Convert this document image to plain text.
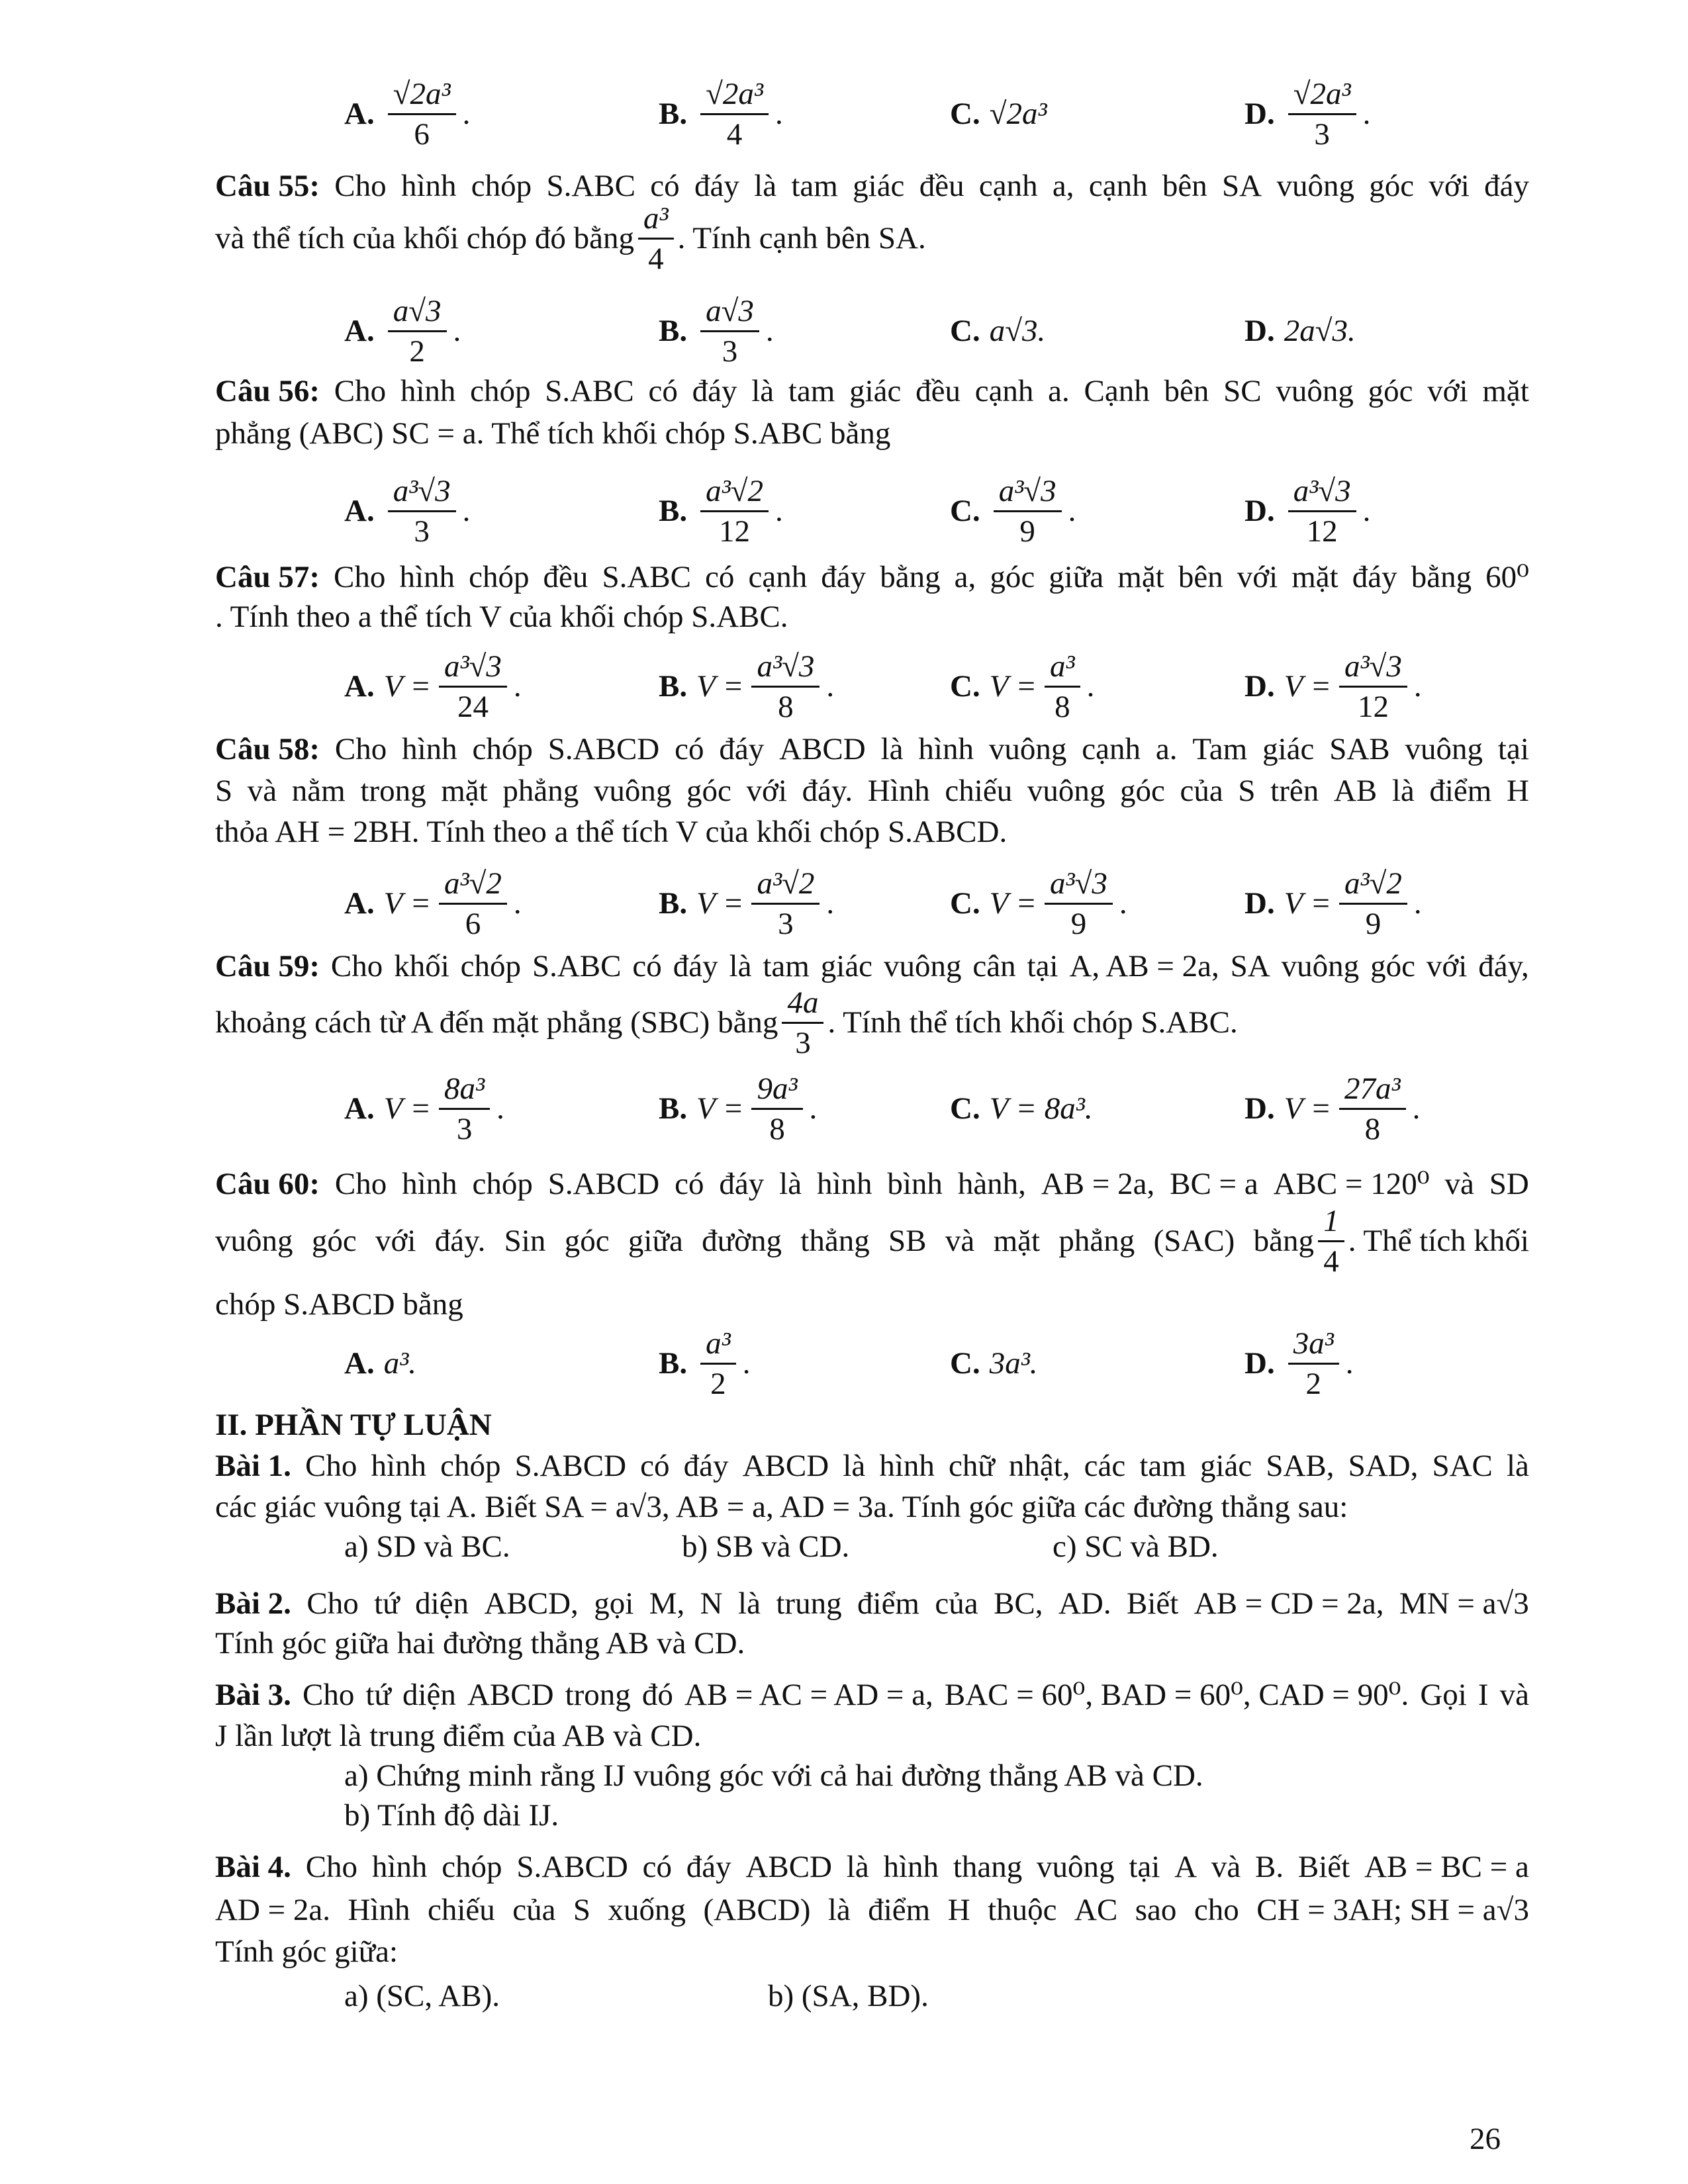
A. $\frac{\text{√2a³}}{6}$ .	B. $\frac{\text{√2a³}}{4}$ .	C. √2a³	D. $\frac{\text{√2a³}}{3}$ .
Câu 55: Cho hình chóp S.ABC có đáy là tam giác đều cạnh a, cạnh bên SA vuông góc với đáy
và thể tích của khối chóp đó bằng $\frac{\text{a³}}{4}$ . Tính cạnh bên SA.
A. $\frac{a√3}{2}$ .	B. $\frac{a√3}{3}$ .	C. a√3.	D. 2a√3.
Câu 56: Cho hình chóp S.ABC có đáy là tam giác đều cạnh a. Cạnh bên SC vuông góc với mặt
phẳng (ABC) SC = a. Thể tích khối chóp S.ABC bằng
A. $\frac{\text{a³√3}}{3}$ .	B. $\frac{\text{a³√2}}{12}$ .	C. $\frac{\text{a³√3}}{9}$ .	D. $\frac{\text{a³√3}}{12}$ .
Câu 57: Cho hình chóp đều S.ABC có cạnh đáy bằng a, góc giữa mặt bên với mặt đáy bằng 60⁰
. Tính theo a thể tích V của khối chóp S.ABC.
A. $V = \frac{\text{a³√3}}{24}$ .	B. $V = \frac{\text{a³√3}}{8}$ .	C. $V = \frac{\text{a³}}{8}$ .	D. $V = \frac{\text{a³√3}}{12}$ .
Câu 58: Cho hình chóp S.ABCD có đáy ABCD là hình vuông cạnh a. Tam giác SAB vuông tại
S và nằm trong mặt phẳng vuông góc với đáy. Hình chiếu vuông góc của S trên AB là điểm H
thỏa AH = 2BH. Tính theo a thể tích V của khối chóp S.ABCD.
A. $V = \frac{\text{a³√2}}{6}$ .	B. $V = \frac{\text{a³√2}}{3}$ .	C. $V = \frac{\text{a³√3}}{9}$ .	D. $V = \frac{\text{a³√2}}{9}$ .
Câu 59: Cho khối chóp S.ABC có đáy là tam giác vuông cân tại A, AB = 2a, SA vuông góc với đáy,
khoảng cách từ A đến mặt phẳng (SBC) bằng $\frac{4a}{3}$ . Tính thể tích khối chóp S.ABC.
A. $V = \frac{\text{8a³}}{3}$ .	B. $V = \frac{\text{9a³}}{8}$ .	C. V = 8a³.	D. $V = \frac{\text{27a³}}{8}$ .
Câu 60: Cho hình chóp S.ABCD có đáy là hình bình hành, AB = 2a, BC = a ABC = 120⁰ và SD
vuông góc với đáy. Sin góc giữa đường thẳng SB và mặt phẳng (SAC) bằng $\frac{1}{4}$ . Thể tích khối
chóp S.ABCD bằng
A. a³.	B. $\frac{\text{a³}}{2}$ .	C. 3a³.	D. $\frac{\text{3a³}}{2}$ .
II. PHẦN TỰ LUẬN
Bài 1. Cho hình chóp S.ABCD có đáy ABCD là hình chữ nhật, các tam giác SAB, SAD, SAC là
các giác vuông tại A. Biết SA = a√3, AB = a, AD = 3a. Tính góc giữa các đường thẳng sau:
a) SD và BC.	b) SB và CD.	c) SC và BD.
Bài 2. Cho tứ diện ABCD, gọi M, N là trung điểm của BC, AD. Biết AB = CD = 2a, MN = a√3
Tính góc giữa hai đường thẳng AB và CD.
Bài 3. Cho tứ diện ABCD trong đó AB = AC = AD = a, BAC = 60⁰, BAD = 60⁰, CAD = 90⁰. Gọi I và
J lần lượt là trung điểm của AB và CD.
a) Chứng minh rằng IJ vuông góc với cả hai đường thẳng AB và CD.
b) Tính độ dài IJ.
Bài 4. Cho hình chóp S.ABCD có đáy ABCD là hình thang vuông tại A và B. Biết AB = BC = a
AD = 2a. Hình chiếu của S xuống (ABCD) là điểm H thuộc AC sao cho CH = 3AH; SH = a√3
Tính góc giữa:
a) (SC, AB).	b) (SA, BD).
26
